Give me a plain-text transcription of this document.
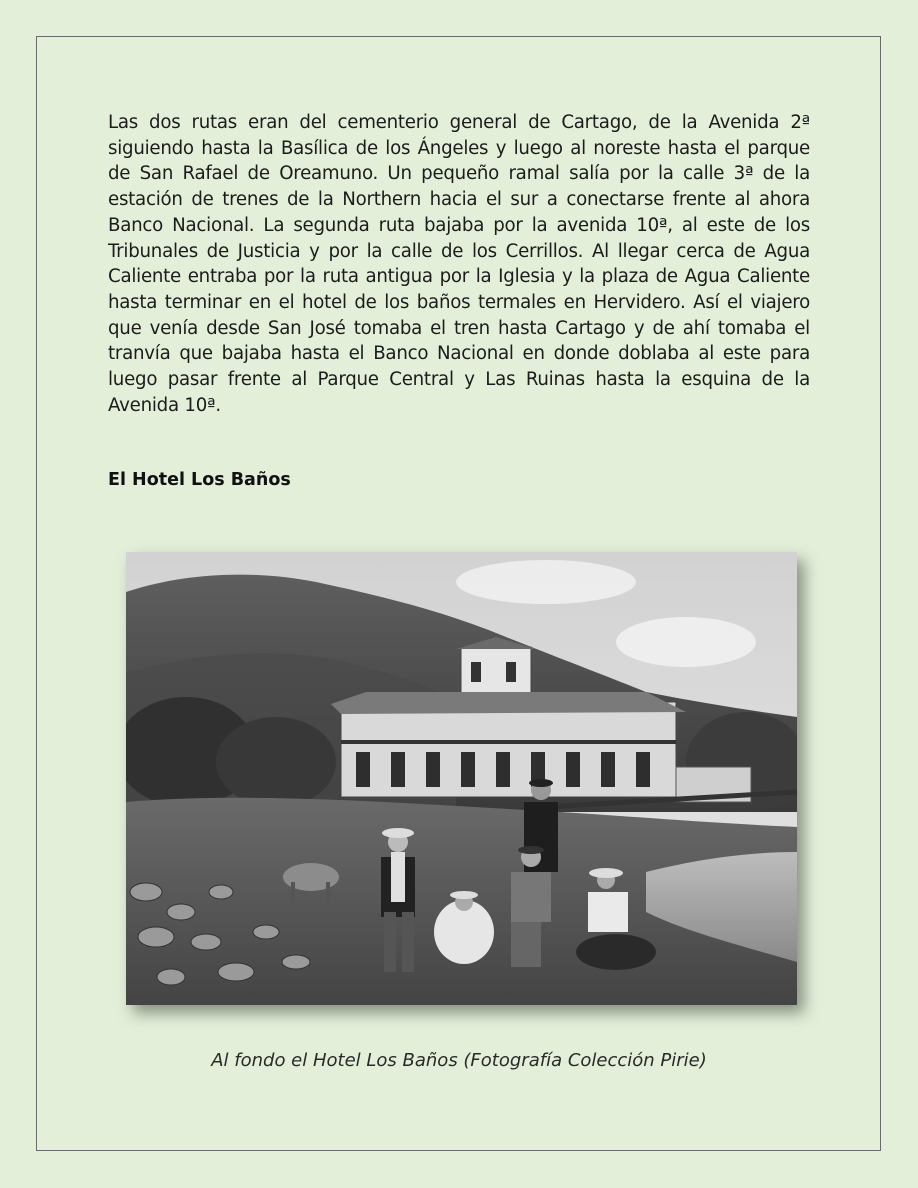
Las dos rutas eran del cementerio general de Cartago, de la Avenida 2ª siguiendo hasta la Basílica de los Ángeles y luego al noreste hasta el parque de San Rafael de Oreamuno. Un pequeño ramal salía por la calle 3ª de la estación de trenes de la Northern hacia el sur a conectarse frente al ahora Banco Nacional. La segunda ruta bajaba por la avenida 10ª, al este de los Tribunales de Justicia y por la calle de los Cerrillos. Al llegar cerca de Agua Caliente entraba por la ruta antigua por la Iglesia y la plaza de Agua Caliente hasta terminar en el hotel de los baños termales en Hervidero. Así el viajero que venía desde San José tomaba el tren hasta Cartago y de ahí tomaba el tranvía que bajaba hasta el Banco Nacional en donde doblaba al este para luego pasar frente al Parque Central y Las Ruinas hasta la esquina de la Avenida 10ª.

El Hotel Los Baños

Al fondo el Hotel Los Baños (Fotografía Colección Pirie)
